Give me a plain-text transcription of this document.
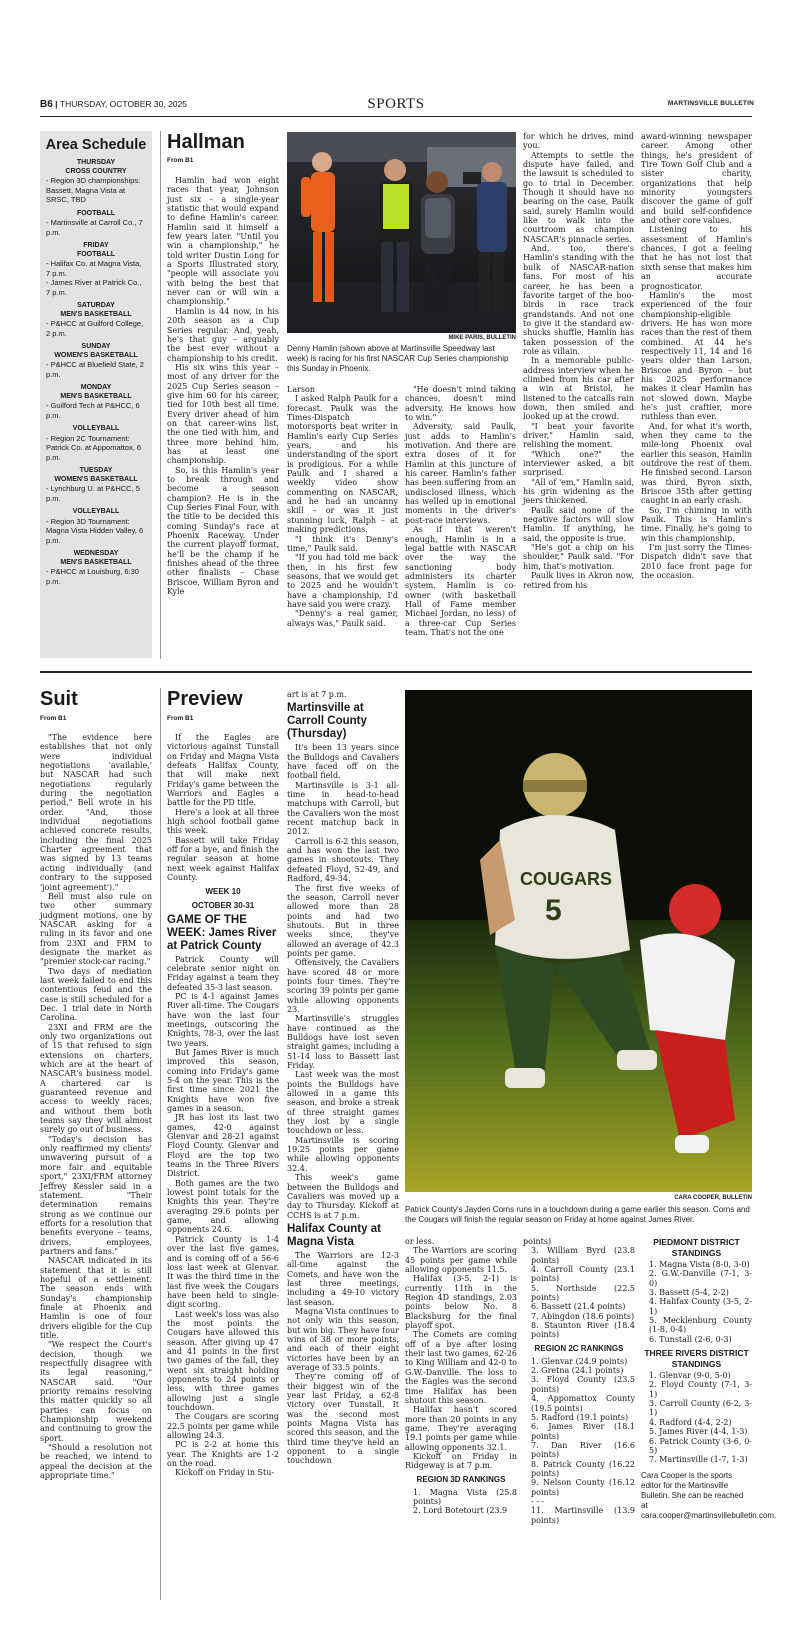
B6 | THURSDAY, OCTOBER 30, 2025	SPORTS	MARTINSVILLE BULLETIN
Area Schedule
THURSDAY
CROSS COUNTRY
- Region 3D championships: Bassett, Magna Vista at SRSC, TBD
FOOTBALL
- Martinsville at Carroll Co., 7 p.m.
FRIDAY
FOOTBALL
- Halifax Co. at Magna Vista, 7 p.m.
- James River at Patrick Co., 7 p.m.
SATURDAY
MEN'S BASKETBALL
- P&HCC at Guilford College, 2 p.m.
SUNDAY
WOMEN'S BASKETBALL
- P&HCC at Bluefield State, 2 p.m.
MONDAY
MEN'S BASKETBALL
- Guilford Tech at P&HCC, 6 p.m.
VOLLEYBALL
- Region 2C Tournament: Patrick Co. at Appomattox, 6 p.m.
TUESDAY
WOMEN'S BASKETBALL
- Lynchburg U. at P&HCC, 5 p.m.
VOLLEYBALL
- Region 3D Tournament: Magna Vista Hidden Valley, 6 p.m.
WEDNESDAY
MEN'S BASKETBALL
- P&HCC at Louisburg, 6:30 p.m.
Hallman
From B1

Hamlin had won eight races that year, Johnson just six – a single-year statistic that would expand to define Hamlin's career. Hamlin said it himself a few years later. "Until you win a championship," he told writer Dustin Long for a Sports Illustrated story, "people will associate you with being the best that never can or will win a championship."

Hamlin is 44 now, in his 20th season as a Cup Series regular. And, yeah, he's that guy – arguably the best ever without a championship to his credit.

His six wins this year – most of any driver for the 2025 Cup Series season – give him 60 for his career, tied for 10th best all time. Every driver ahead of him on that career-wins list, the one tied with him, and three more behind him, has at least one championship.

So, is this Hamlin's year to break through and become a season champion? He is in the Cup Series Final Four, with the title to be decided this coming Sunday's race at Phoenix Raceway. Under the current playoff format, he'll be the champ if he finishes ahead of the three other finalists – Chase Briscoe, William Byron and Kyle

MIKE PARIS, BULLETIN
Denny Hamlin (shown above at Martinsville Speedway last week) is racing for his first NASCAR Cup Series championship this Sunday in Phoenix.

Larson

I asked Ralph Paulk for a forecast. Paulk was the Times-Dispatch motorsports beat writer in Hamlin's early Cup Series years, and his understanding of the sport is prodigious. For a while Paulk and I shared a weekly video show commenting on NASCAR, and he had an uncanny skill – or was it just stunning luck, Ralph – at making predictions.

"I think it's Denny's time," Paulk said.

"If you had told me back then, in his first few seasons, that we would get to 2025 and he wouldn't have a championship, I'd have said you were crazy.

"Denny's a real gamer, always was," Paulk said.

"He doesn't mind taking chances, doesn't mind adversity. He knows how to win."

Adversity, said Paulk, just adds to Hamlin's motivation. And there are extra doses of it for Hamlin at this juncture of his career. Hamlin's father has been suffering from an undisclosed illness, which has welled up in emotional moments in the driver's post-race interviews.

As if that weren't enough, Hamlin is in a legal battle with NASCAR over the way the sanctioning body administers its charter system. Hamlin is co-owner (with basketball Hall of Fame member Michael Jordan, no less) of a three-car Cup Series team. That's not the one

for which he drives, mind you.

Attempts to settle the dispute have failed, and the lawsuit is scheduled to go to trial in December. Though it should have no bearing on the case, Paulk said, surely Hamlin would like to walk into the courtroom as champion NASCAR's pinnacle series.

And, too, there's Hamlin's standing with the bulk of NASCAR-nation fans. For most of his career, he has been a favorite target of the boo-birds in race track grandstands. And not one to give it the standard aw-shucks shuffle, Hamlin has taken possession of the role as villain.

In a memorable public-address interview when he climbed from his car after a win at Bristol, he listened to the catcalls rain down, then smiled and looked up at the crowd.

"I beat your favorite driver," Hamlin said, relishing the moment.

"Which one?" the interviewer asked, a bit surprised.

"All of 'em," Hamlin said, his grin widening as the jeers thickened.

Paulk said none of the negative factors will slow Hamlin. If anything, he said, the opposite is true.

"He's got a chip on his shoulder," Paulk said. "For him, that's motivation.

Paulk lives in Akron now, retired from his

award-winning newspaper career. Among other things, he's president of Tire Town Golf Club and a sister charity, organizations that help minority youngsters discover the game of golf and build self-confidence and other core values.

Listening to his assessment of Hamlin's chances, I got a feeling that he has not lost that sixth sense that makes him an accurate prognosticator.

Hamlin's the most experienced of the four championship-eligible drivers. He has won more races than the rest of them combined. At 44 he's respectively 11, 14 and 16 years older than Larson, Briscoe and Byron – but his 2025 performance makes it clear Hamlin has not slowed down. Maybe he's just craftier, more ruthless than ever.

And, for what it's worth, when they came to the mile-long Phoenix oval earlier this season, Hamlin outdrove the rest of them. He finished second. Larson was third, Byron sixth, Briscoe 35th after getting caught in an early crash.

So, I'm chiming in with Paulk. This is Hamlin's time. Finally, he's going to win this championship.

I'm just sorry the Times-Dispatch didn't save that 2010 face front page for the occasion.

Suit
From B1

"The evidence here establishes that not only were individual negotiations 'available,' but NASCAR had such negotiations regularly during the negotiation period," Bell wrote in his order. "And, those individual negotiations achieved concrete results, including the final 2025 Charter agreement that was signed by 13 teams acting individually (and contrary to the supposed 'joint agreement')."

Bell must also rule on two other summary judgment motions, one by NASCAR asking for a ruling in its favor and one from 23XI and FRM to designate the market as "premier stock-car racing."

Two days of mediation last week failed to end this contentious feud and the case is still scheduled for a Dec. 1 trial date in North Carolina.

23XI and FRM are the only two organizations out of 15 that refused to sign extensions on charters, which are at the heart of NASCAR's business model. A chartered car is guaranteed revenue and access to weekly races, and without them both teams say they will almost surely go out of business.

"Today's decision has only reaffirmed my clients' unwavering pursuit of a more fair and equitable sport," 23XI/FRM attorney Jeffrey Kessler said in a statement. "Their determination remains strong as we continue our efforts for a resolution that benefits everyone – teams, drivers, employees, partners and fans."

NASCAR indicated in its statement that it is still hopeful of a settlement. The season ends with Sunday's championship finale at Phoenix and Hamlin is one of four drivers eligible for the Cup title.

"We respect the Court's decision, though we respectfully disagree with its legal reasoning," NASCAR said. "Our priority remains resolving this matter quickly so all parties can focus on Championship weekend and continuing to grow the sport.

"Should a resolution not be reached, we intend to appeal the decision at the appropriate time."

Preview
From B1

If the Eagles are victorious against Tunstall on Friday and Magna Vista defeats Halifax County, that will make next Friday's game between the Warriors and Eagles a battle for the PD title.

Here's a look at all three high school football game this week.

Bassett will take Friday off for a bye, and finish the regular season at home next week against Halifax County.

WEEK 10
OCTOBER 30-31
GAME OF THE WEEK: James River at Patrick County

Patrick County will celebrate senior night on Friday against a team they defeated 35-3 last season.

PC is 4-1 against James River all-time. The Cougars have won the last four meetings, outscoring the Knights, 78-3, over the last two years.

But James River is much improved this season, coming into Friday's game 5-4 on the year. This is the first time since 2021 the Knights have won five games in a season.

JR has lost its last two games, 42-0 against Glenvar and 28-21 against Floyd County. Glenvar and Floyd are the top two teams in the Three Rivers District.

Both games are the two lowest point totals for the Knights this year. They're averaging 29.6 points per game, and allowing opponents 24.6.

Patrick County is 1-4 over the last five games, and is coming off of a 56-6 loss last week at Glenvar. It was the third time in the last five week the Cougars have been held to single-digit scoring.

Last week's loss was also the most points the Cougars have allowed this season. After giving up 47 and 41 points in the first two games of the fall, they went six straight holding opponents to 24 points or less, with three games allowing just a single touchdown.

The Cougars are scoring 22.5 points per game while allowing 24.3.

PC is 2-2 at home this year. The Knights are 1-2 on the road.

Kickoff on Friday in Stu-

art is at 7 p.m.

Martinsville at Carroll County (Thursday)

It's been 13 years since the Bulldogs and Cavaliers have faced off on the football field.

Martinsville is 3-1 all-time in head-to-head matchups with Carroll, but the Cavaliers won the most recent matchup back in 2012.

Carroll is 6-2 this season, and has won the last two games in shootouts. They defeated Floyd, 52-49, and Radford, 49-34.

The first five weeks of the season, Carroll never allowed more than 28 points and had two shutouts. But in three weeks since, they've allowed an average of 42.3 points per game.

Offensively, the Cavaliers have scored 48 or more points four times. They're scoring 39 points per game while allowing opponents 23.

Martinsville's struggles have continued as the Bulldogs have lost seven straight games, including a 51-14 loss to Bassett last Friday.

Last week was the most points the Bulldogs have allowed in a game this season, and broke a streak of three straight games they lost by a single touchdown or less.

Martinsville is scoring 19.25 points per game while allowing opponents 32.4.

This week's game between the Bulldogs and Cavaliers was moved up a day to Thursday. Kickoff at CCHS is at 7 p.m.

Halifax County at Magna Vista

The Warriors are 12-3 all-time against the Comets, and have won the last three meetings, including a 49-10 victory last season.

Magna Vista continues to not only win this season, but win big. They have four wins of 38 or more points, and each of their eight victories have been by an average of 33.5 points.

They're coming off of their biggest win of the year last Friday, a 62-8 victory over Tunstall. It was the second most points Magna Vista has scored this season, and the third time they've held an opponent to a single touchdown

COUGARS
5
CARA COOPER, BULLETIN
Patrick County's Jayden Corns runs in a touchdown during a game earlier this season. Corns and the Cougars will finish the regular season on Friday at home against James River.

or less.

The Warriors are scoring 45 points per game while allowing opponents 11.5.

Halifax (3-5, 2-1) is currently 11th in the Region 4D standings, 2.03 points below No. 8 Blacksburg for the final playoff spot.

The Comets are coming off of a bye after losing their last two games, 62-26 to King William and 42-0 to G.W.-Danville. The loss to the Eagles was the second time Halifax has been shutout this season.

Halifax hasn't scored more than 20 points in any game. They're averaging 19.1 points per game while allowing opponents 32.1.

Kickoff on Friday in Ridgeway is at 7 p.m.

REGION 3D RANKINGS

1. Magna Vista (25.8 points)

2. Lord Botetourt (23.9

points)

3. William Byrd (23.8 points)

4. Carroll County (23.1 points)

5. Northside (22.5 points)

6. Bassett (21.4 points)

7. Abingdon (18.6 points)

8. Staunton River (18.4 points)

REGION 2C RANKINGS

1. Glenvar (24.9 points)

2. Gretna (24.1 points)

3. Floyd County (23.5 points)

4. Appomattox County (19.5 points)

5. Radford (19.1 points)

6. James River (18.1 points)

7. Dan River (16.6 points)

8. Patrick County (16.22 points)

9. Nelson County (16.12 points)

- - -

11. Martinsville (13.9 points)

PIEDMONT DISTRICT STANDINGS

1. Magna Vista (8-0, 3-0)

2. G.W.-Danville (7-1, 3-0)

3. Bassett (5-4, 2-2)

4. Halifax County (3-5, 2-1)

5. Mecklenburg County (1-8, 0-4)

6. Tunstall (2-6, 0-3)

THREE RIVERS DISTRICT STANDINGS

1. Glenvar (9-0, 5-0)

2. Floyd County (7-1, 3-1)

3. Carroll County (6-2, 3-1)

4. Radford (4-4, 2-2)

5. James River (4-4, 1-3)

6. Patrick County (3-6, 0-5)

7. Martinsville (1-7, 1-3)

Cara Cooper is the sports editor for the Martinsville Bulletin. She can be reached at cara.cooper@martinsvillebulletin.com.
